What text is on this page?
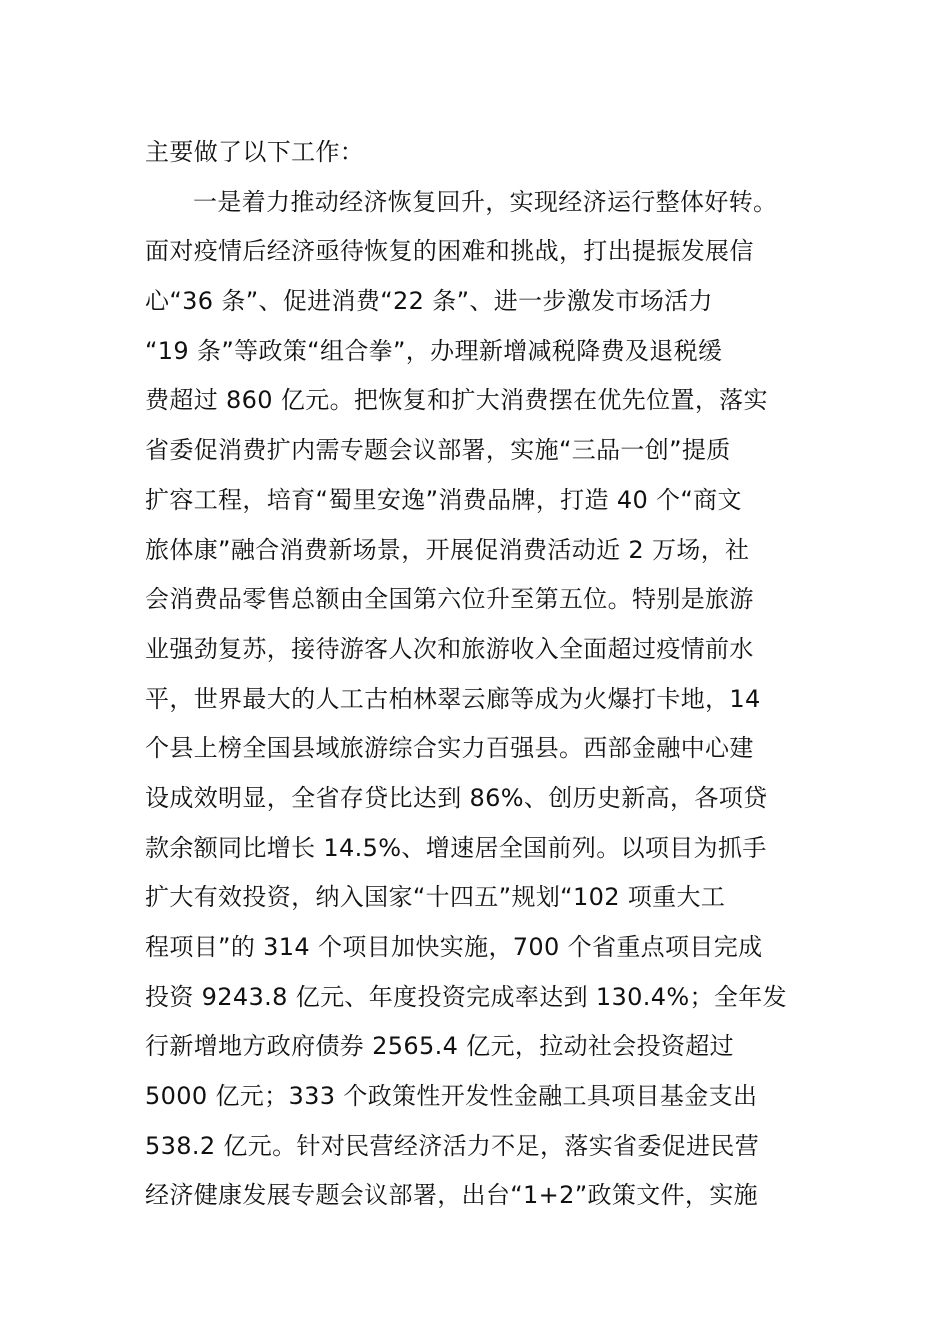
主要做了以下工作：
一是着力推动经济恢复回升，实现经济运行整体好转。
面对疫情后经济亟待恢复的困难和挑战，打出提振发展信
心“36 条”、促进消费“22 条”、进一步激发市场活力
“19 条”等政策“组合拳”，办理新增减税降费及退税缓
费超过 860 亿元。把恢复和扩大消费摆在优先位置，落实
省委促消费扩内需专题会议部署，实施“三品一创”提质
扩容工程，培育“蜀里安逸”消费品牌，打造 40 个“商文
旅体康”融合消费新场景，开展促消费活动近 2 万场，社
会消费品零售总额由全国第六位升至第五位。特别是旅游
业强劲复苏，接待游客人次和旅游收入全面超过疫情前水
平，世界最大的人工古柏林翠云廊等成为火爆打卡地，14
个县上榜全国县域旅游综合实力百强县。西部金融中心建
设成效明显，全省存贷比达到 86%、创历史新高，各项贷
款余额同比增长 14.5%、增速居全国前列。以项目为抓手
扩大有效投资，纳入国家“十四五”规划“102 项重大工
程项目”的 314 个项目加快实施，700 个省重点项目完成
投资 9243.8 亿元、年度投资完成率达到 130.4%；全年发
行新增地方政府债券 2565.4 亿元，拉动社会投资超过
5000 亿元；333 个政策性开发性金融工具项目基金支出
538.2 亿元。针对民营经济活力不足，落实省委促进民营
经济健康发展专题会议部署，出台“1+2”政策文件，实施
